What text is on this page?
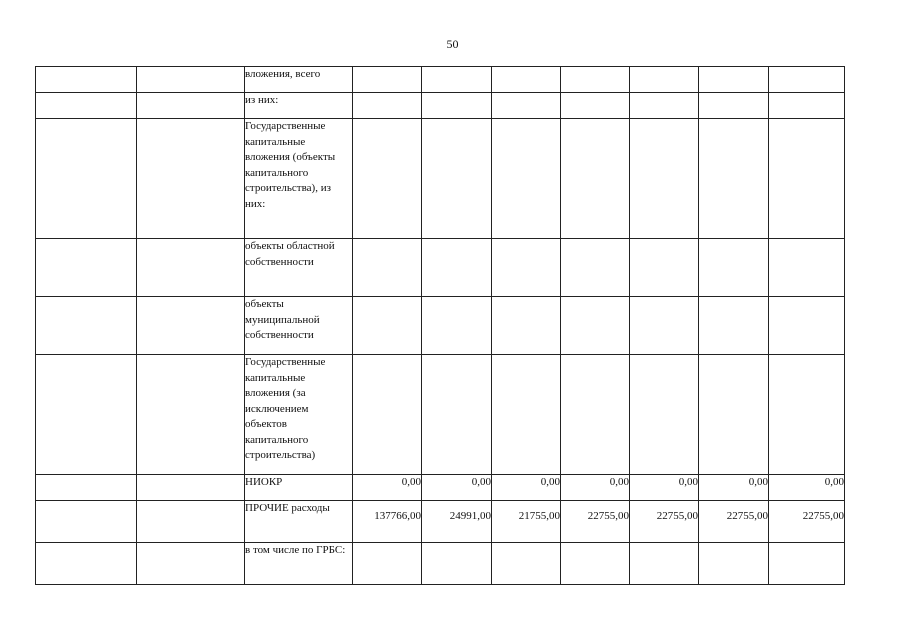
50
		вложения, всего							
		из них:							
		Государственные капитальные вложения (объекты капитального строительства), из них:							
		объекты областной собственности							
		объекты муниципальной собственности							
		Государственные капитальные вложения (за исключением объектов капитального строительства)							
		НИОКР	0,00	0,00	0,00	0,00	0,00	0,00	0,00
		ПРОЧИЕ расходы	137766,00	24991,00	21755,00	22755,00	22755,00	22755,00	22755,00
		в том числе по ГРБС:							
